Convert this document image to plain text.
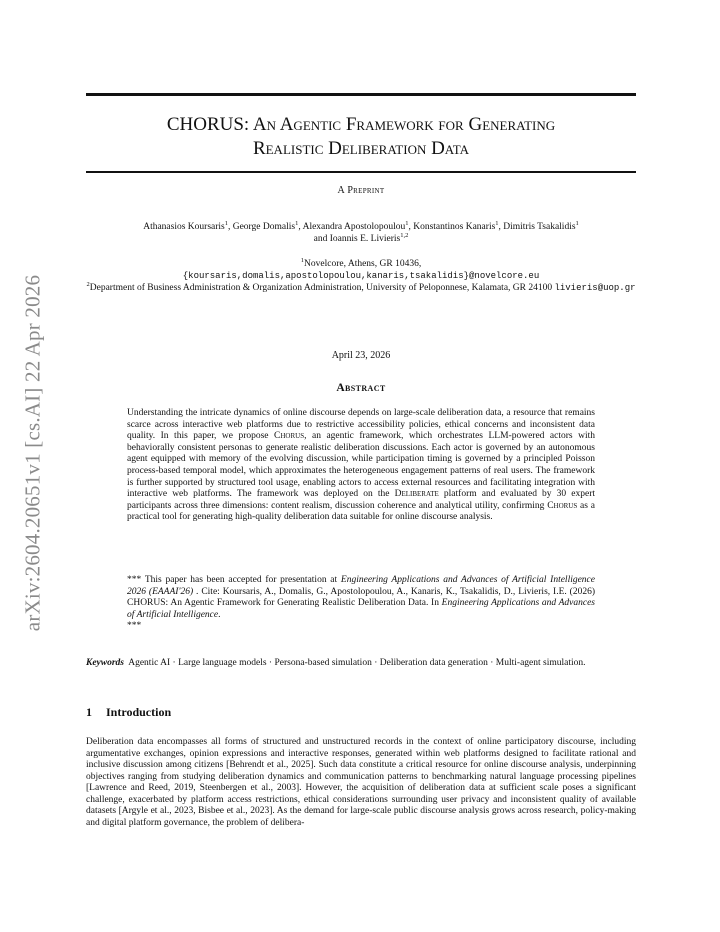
arXiv:2604.20651v1 [cs.AI] 22 Apr 2026
CHORUS: An Agentic Framework for Generating
Realistic Deliberation Data
A Preprint
Athanasios Koursaris$^1$, George Domalis$^1$, Alexandra Apostolopoulou$^1$, Konstantinos Kanaris$^1$, Dimitris Tsakalidis$^1$
and Ioannis E. Livieris$^{1,2}$
$^1$Novelcore, Athens, GR 10436,
{koursaris,domalis,apostolopoulou,kanaris,tsakalidis}@novelcore.eu
$^2$Department of Business Administration & Organization Administration, University of Peloponnese, Kalamata, GR 24100 livieris@uop.gr
April 23, 2026
Abstract

Understanding the intricate dynamics of online discourse depends on large-scale deliberation data, a resource that remains scarce across interactive web platforms due to restrictive accessibility policies, ethical concerns and inconsistent data quality. In this paper, we propose Chorus, an agentic framework, which orchestrates LLM-powered actors with behaviorally consistent personas to generate realistic deliberation discussions. Each actor is governed by an autonomous agent equipped with memory of the evolving discussion, while participation timing is governed by a principled Poisson process-based temporal model, which approximates the heterogeneous engagement patterns of real users. The framework is further supported by structured tool usage, enabling actors to access external resources and facilitating integration with interactive web platforms. The framework was deployed on the Deliberate platform and evaluated by 30 expert participants across three dimensions: content realism, discussion coherence and analytical utility, confirming Chorus as a practical tool for generating high-quality deliberation data suitable for online discourse analysis.

*** This paper has been accepted for presentation at Engineering Applications and Advances of Artificial Intelligence 2026 (EAAAI'26) . Cite: Koursaris, A., Domalis, G., Apostolopoulou, A., Kanaris, K., Tsakalidis, D., Livieris, I.E. (2026) CHORUS: An Agentic Framework for Generating Realistic Deliberation Data. In Engineering Applications and Advances of Artificial Intelligence.
***

Keywords Agentic AI · Large language models · Persona-based simulation · Deliberation data generation · Multi-agent simulation.

1 Introduction

Deliberation data encompasses all forms of structured and unstructured records in the context of online participatory discourse, including argumentative exchanges, opinion expressions and interactive responses, generated within web platforms designed to facilitate rational and inclusive discussion among citizens [Behrendt et al., 2025]. Such data constitute a critical resource for online discourse analysis, underpinning objectives ranging from studying deliberation dynamics and communication patterns to benchmarking natural language processing pipelines [Lawrence and Reed, 2019, Steenbergen et al., 2003]. However, the acquisition of deliberation data at sufficient scale poses a significant challenge, exacerbated by platform access restrictions, ethical considerations surrounding user privacy and inconsistent quality of available datasets [Argyle et al., 2023, Bisbee et al., 2023]. As the demand for large-scale public discourse analysis grows across research, policy-making and digital platform governance, the problem of delibera-
